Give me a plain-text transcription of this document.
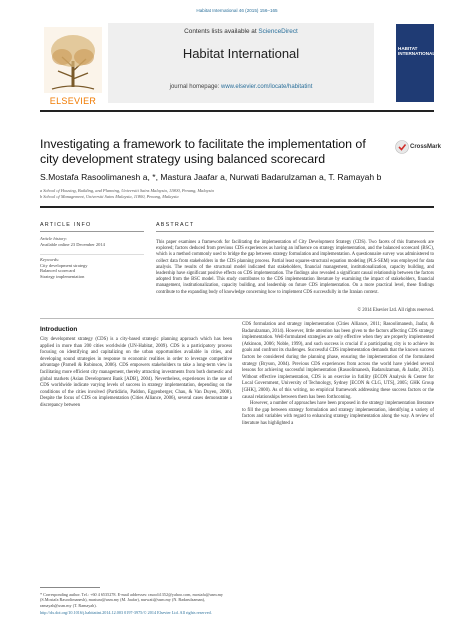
Habitat International 46 (2015) 156–165
ELSEVIER
Contents lists available at ScienceDirect
Habitat International
journal homepage: www.elsevier.com/locate/habitatint
HABITAT INTERNATIONAL
Investigating a framework to facilitate the implementation of city development strategy using balanced scorecard
CrossMark
S.Mostafa Rasoolimanesh a, *, Mastura Jaafar a, Nurwati Badarulzaman a, T. Ramayah b
a School of Housing, Building, and Planning, Universiti Sains Malaysia, 11800, Penang, Malaysia
b School of Management, Universiti Sains Malaysia, 11800, Penang, Malaysia
ARTICLE INFO
Article history:
Available online 23 December 2014
Keywords:
City development strategy
Balanced scorecard
Strategy implementation
ABSTRACT
This paper examines a framework for facilitating the implementation of City Development Strategy (CDS). Two facets of this framework are explored; factors deduced from previous CDS experiences as having an influence on strategy implementation, and the balanced scorecard (BSC), which is a method commonly used to bridge the gap between strategy formulation and implementation. A questionnaire survey was administered to collect data from stakeholders in the CDS planning process. Partial least squares-structural equation modeling (PLS-SEM) was employed for data analysis. The results of the structural model indicated that stakeholders, financial management, institutionalization, capacity building, and leadership have significant positive effects on CDS implementation. The findings also revealed a significant causal relationship between the factors adopted from the BSC model. This study contributes to the CDS implementation literature by examining the impact of stakeholders, financial management, institutionalization, capacity building, and leadership on future CDS implementation. On a more practical level, these findings contribute to the expanding body of knowledge concerning how to implement CDS successfully in the Iranian context.
© 2014 Elsevier Ltd. All rights reserved.
Introduction
City development strategy (CDS) is a city-based strategic planning approach which has been applied in more than 200 cities worldwide (UN-Habitat, 2009). CDS is a participatory process focusing on identifying and capitalizing on the urban opportunities available in cities, and developing sound strategies in response to economic realities in order to leverage competitive advantage (Parnell & Robinson, 2006). CDS empowers stakeholders to take a long-term view in facilitating more efficient city management, thereby attracting investments from both domestic and global markets (Asian Development Bank [ADB], 2004). Nevertheless, experiences in the use of CDS worldwide indicate varying levels of success in strategy implementation, depending on the conditions of the cities involved (Partidário, Paddon, Eggenberger, Chau, & Van Duyen, 2008). Despite the focus of CDS on implementation (Cities Alliance, 2006), several cases demonstrate a discrepancy between
CDS formulation and strategy implementation (Cities Alliance, 2011; Rasoolimanesh, Jaafar, & Badarulzaman, 2014). However, little attention has been given to the factors affecting CDS strategy implementation. Well-formulated strategies are only effective when they are properly implemented (Atkinson, 2006; Noble, 1999), and such success is crucial if a participating city is to achieve its goals and confront its challenges. Successful CDS implementation demands that the known success factors be considered during the planning phase, ensuring the implementation of the formulated strategy (Bryson, 2004). Previous CDS experiences from across the world have yielded several lessons for achieving successful implementation (Rasoolimanesh, Badarulzaman, & Jaafar, 2013). Without effective implementation, CDS is an exercise in futility (ECON Analysis & Center for Local Government, University of Technology, Sydney [ECON & CLG, UTS], 2005; GHK Group [GHK], 2000). As of this writing, no empirical framework addressing these success factors or the causal relationships between them has been forthcoming.
However, a number of approaches have been proposed in the strategy implementation literature to fill the gap between strategy formulation and strategy implementation, identifying a variety of factors and variables with regard to enhancing strategy implementation along the way. A review of literature has highlighted a
* Corresponding author. Tel.: +60 4 6535278. E-mail addresses: rasooli1352@yahoo.com, mostafa@usm.my (S.Mostafa Rasoolimanesh), mastura@usm.my (M. Jaafar), nurwati@usm.my (N. Badarulzaman), ramayah@usm.my (T. Ramayah).
http://dx.doi.org/10.1016/j.habitatint.2014.12.003 0197-3975/© 2014 Elsevier Ltd. All rights reserved.
